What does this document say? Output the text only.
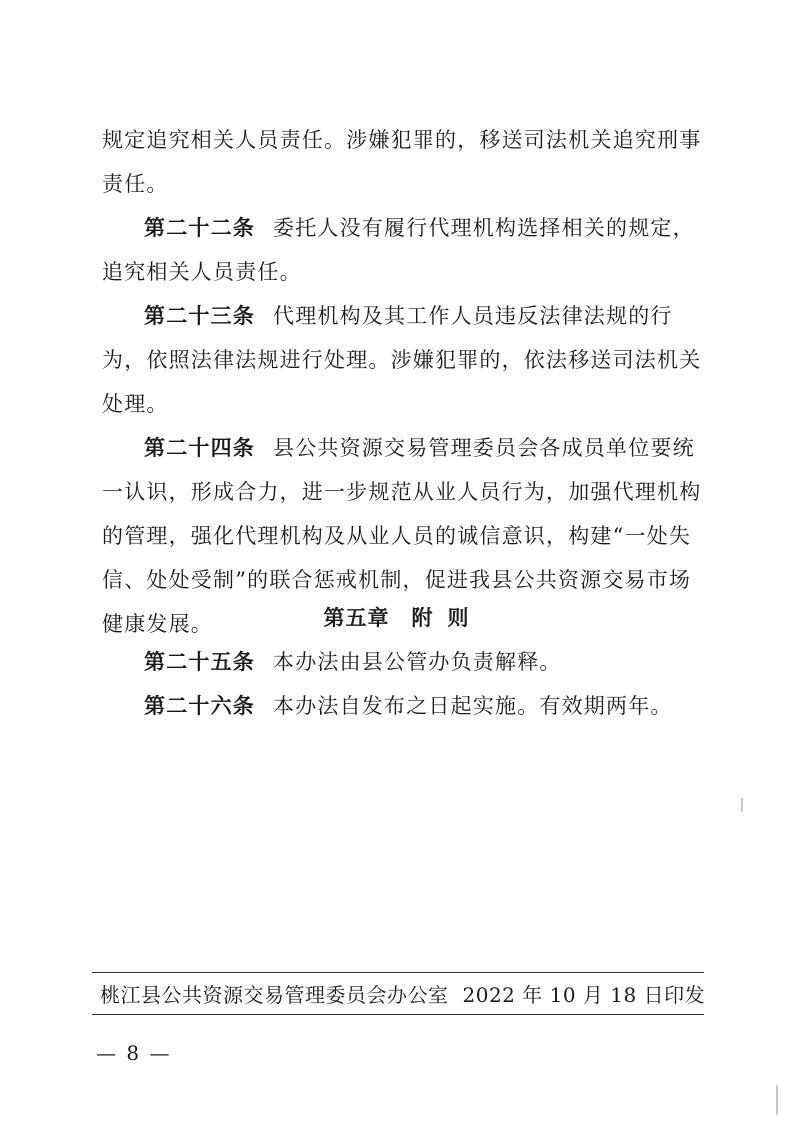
规定追究相关人员责任。涉嫌犯罪的，移送司法机关追究刑事责任。

第二十二条 委托人没有履行代理机构选择相关的规定，追究相关人员责任。

第二十三条 代理机构及其工作人员违反法律法规的行为，依照法律法规进行处理。涉嫌犯罪的，依法移送司法机关处理。

第二十四条 县公共资源交易管理委员会各成员单位要统一认识，形成合力，进一步规范从业人员行为，加强代理机构的管理，强化代理机构及从业人员的诚信意识，构建“一处失信、处处受制”的联合惩戒机制，促进我县公共资源交易市场健康发展。	第五章 附 则

第二十五条 本办法由县公管办负责解释。

第二十六条 本办法自发布之日起实施。有效期两年。

桃江县公共资源交易管理委员会办公室 2022 年 10 月 18 日印发
— 8 —
